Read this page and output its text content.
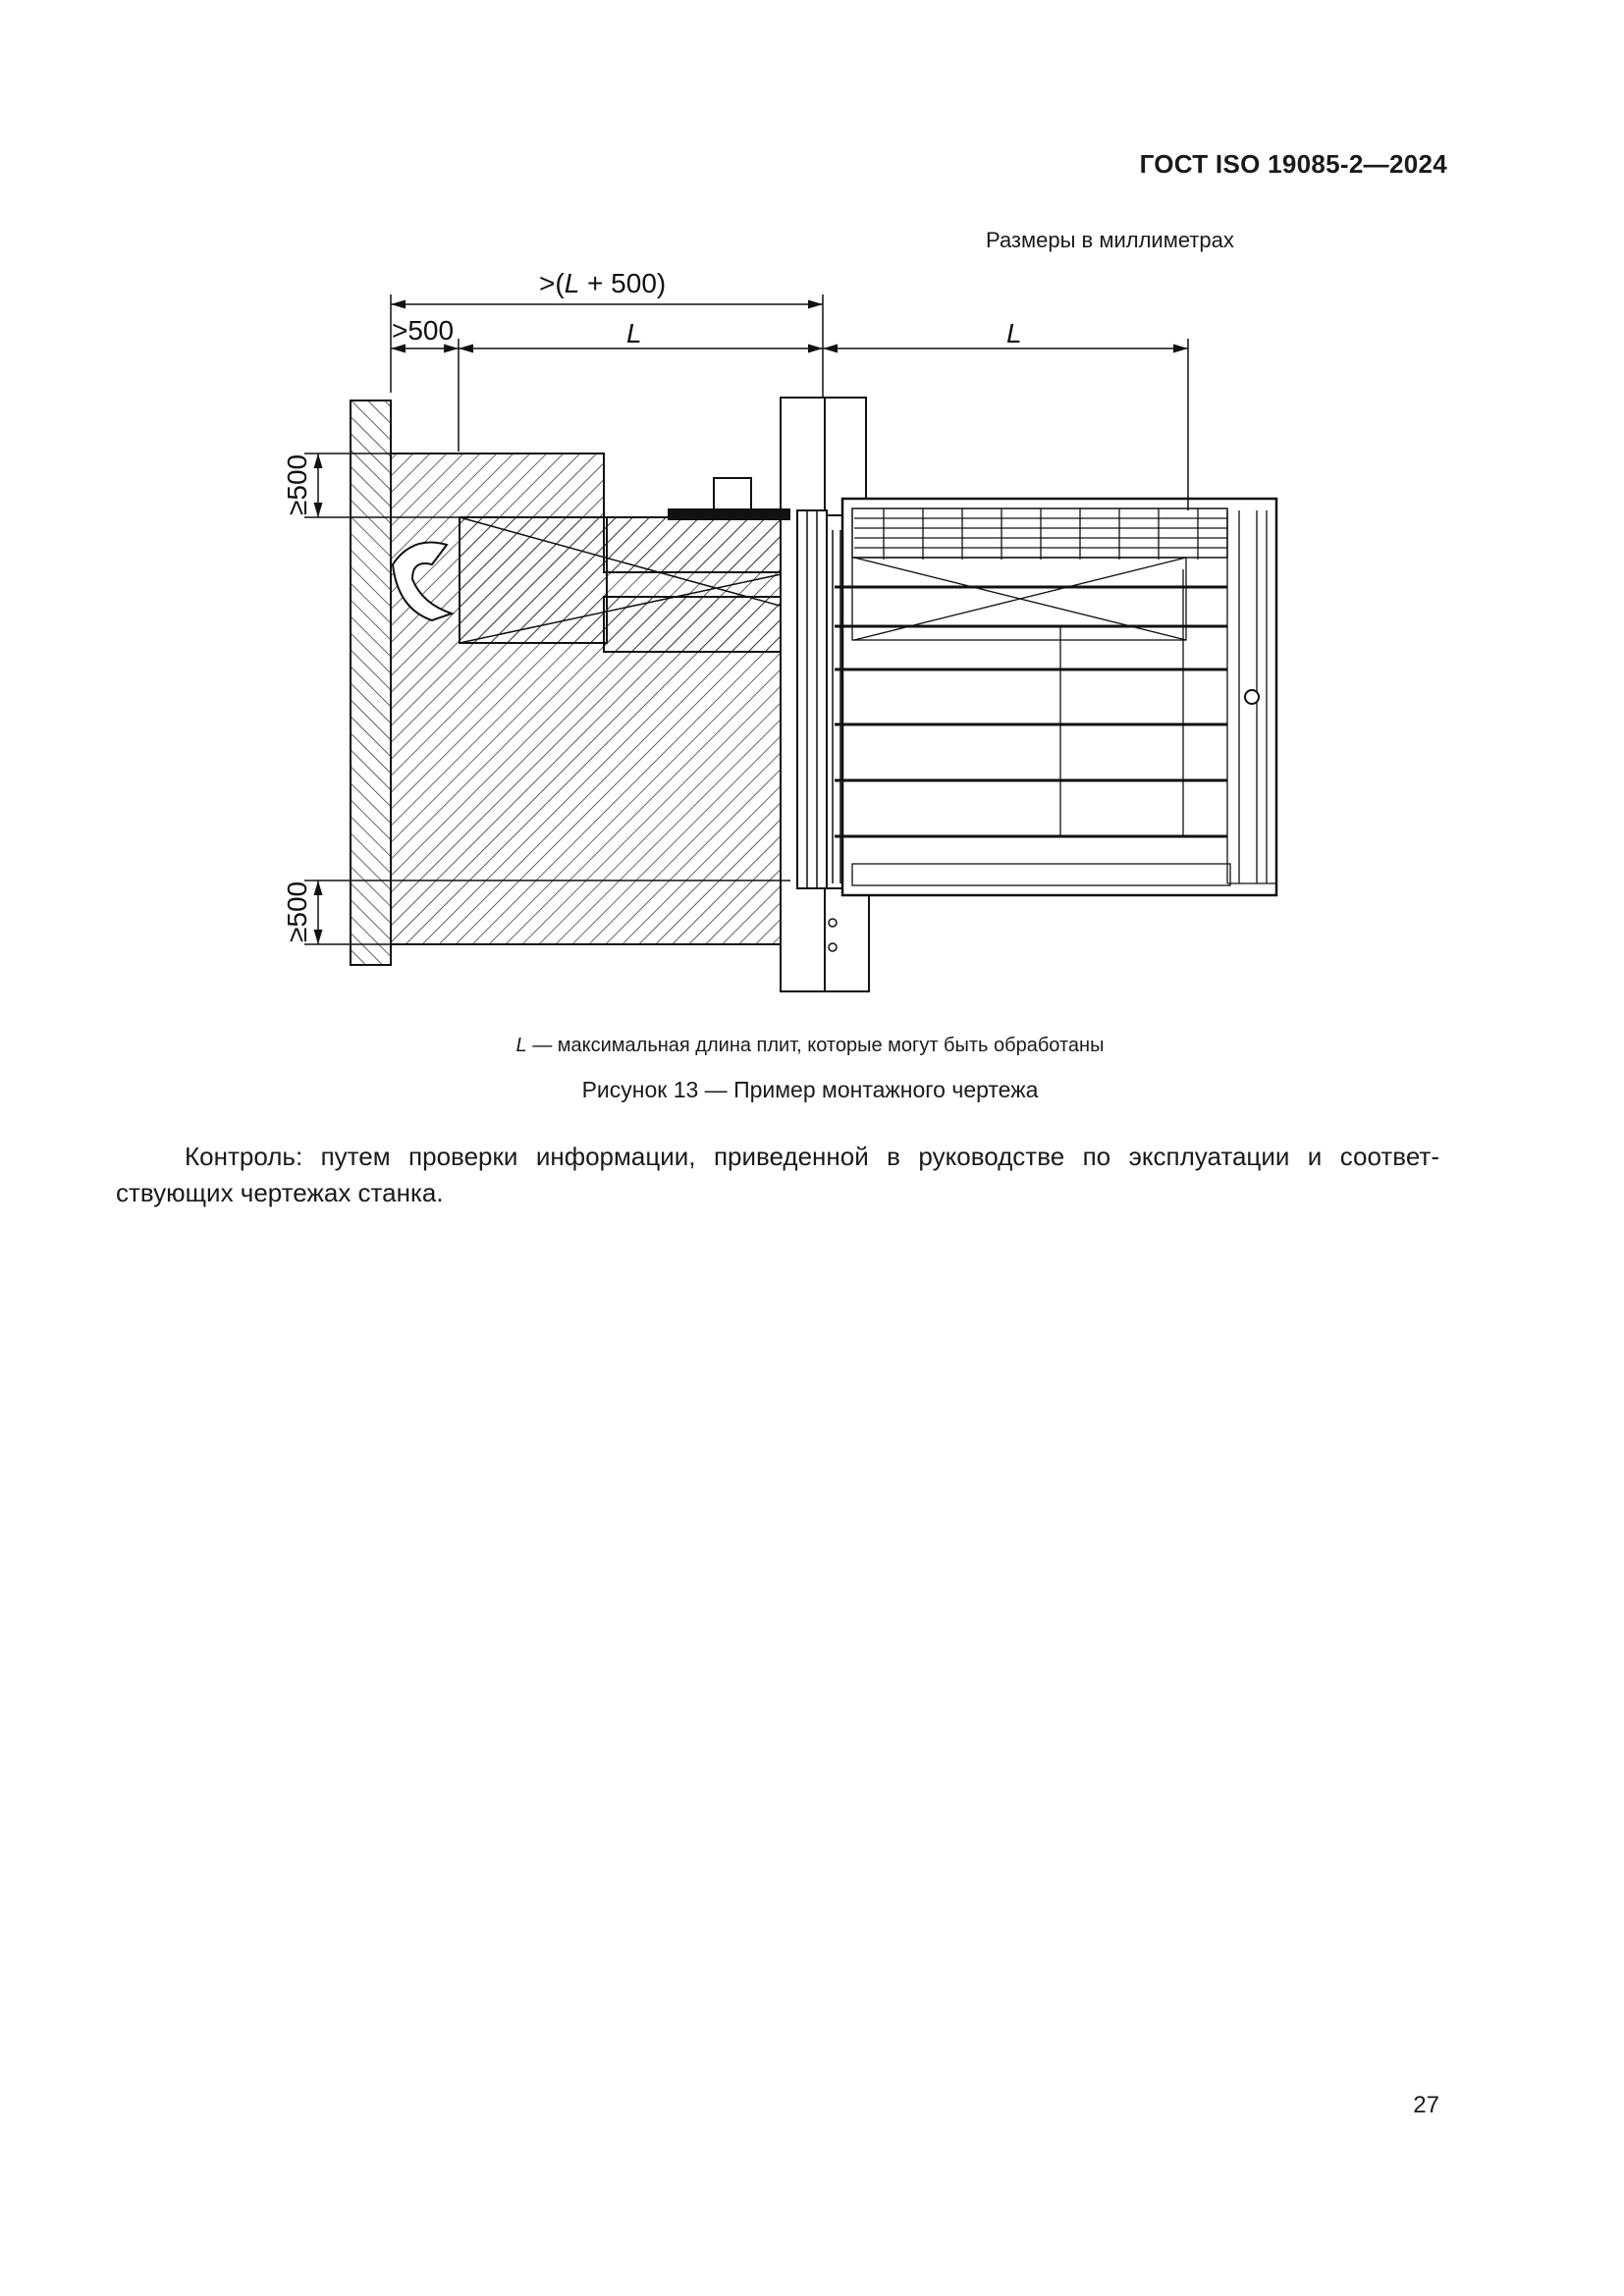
ГОСТ ISO 19085-2—2024
Размеры в миллиметрах
>(L + 500)
>500	L	L
≥500
≥500
L — максимальная длина плит, которые могут быть обработаны
Рисунок 13 — Пример монтажного чертежа
Контроль: путем проверки информации, приведенной в руководстве по эксплуатации и соответ-ствующих чертежах станка.
27
